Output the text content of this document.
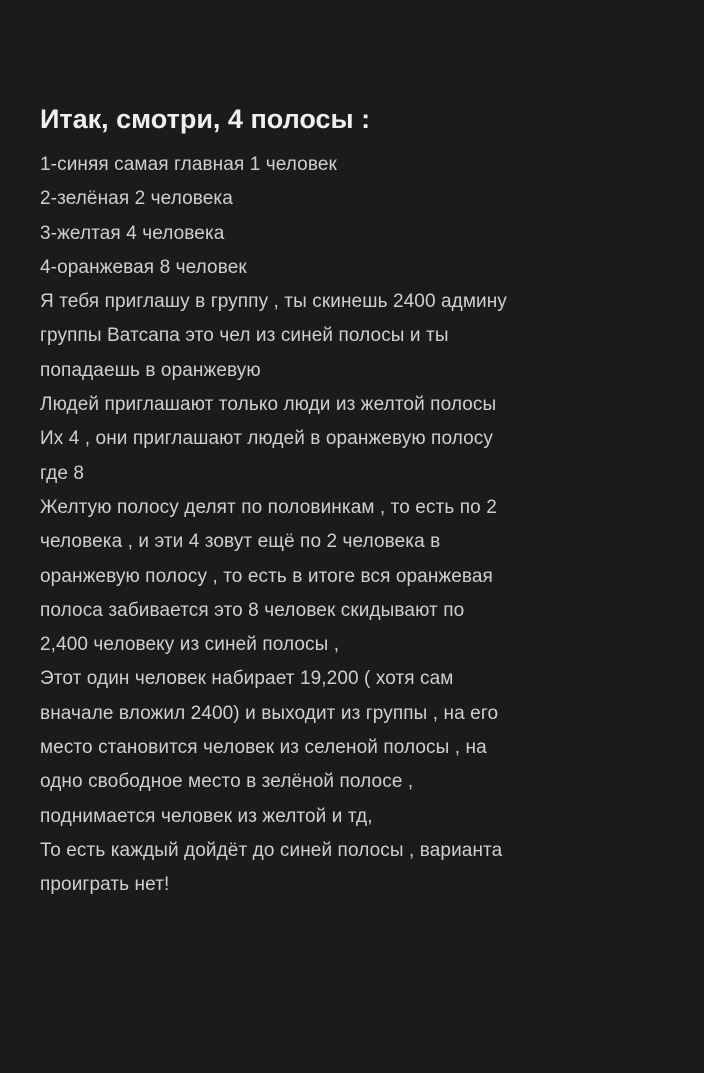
Итак, смотри, 4 полосы :
1-синяя самая главная 1 человек
2-зелёная 2 человека
3-желтая 4 человека
4-оранжевая 8 человек
Я тебя приглашу в группу , ты скинешь 2400 админу
группы Ватсапа это чел из синей полосы и ты
попадаешь в оранжевую
Людей приглашают только люди из желтой полосы
Их 4 , они приглашают людей в оранжевую полосу
где 8
Желтую полосу делят по половинкам , то есть по 2
человека , и эти 4 зовут ещё по 2 человека в
оранжевую полосу , то есть в итоге вся оранжевая
полоса забивается это 8 человек скидывают по
2,400 человеку из синей полосы ,
Этот один человек набирает 19,200 ( хотя сам
вначале вложил 2400) и выходит из группы , на его
место становится человек из селеной полосы , на
одно свободное место в зелёной полосе ,
поднимается человек из желтой и тд,
То есть каждый дойдёт до синей полосы , варианта
проиграть нет!
